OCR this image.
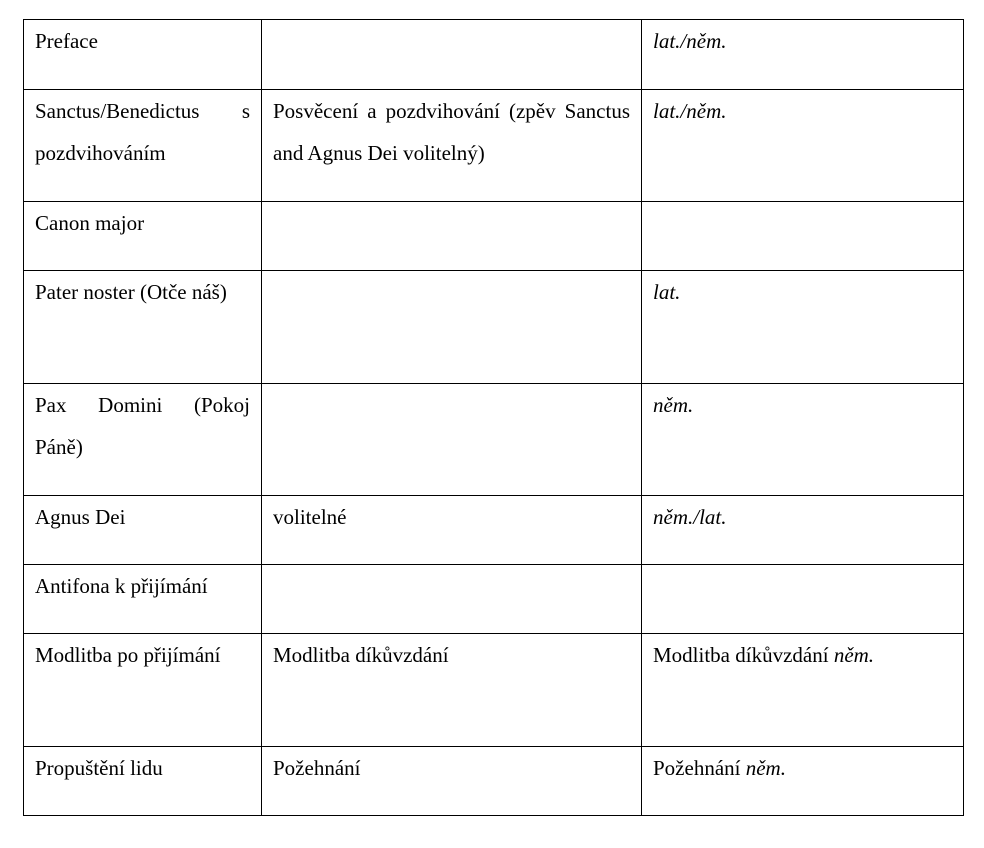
Preface		lat./něm.
Sanctus/Benedictus s pozdvihováním	Posvěcení a pozdvihování (zpěv Sanctus and Agnus Dei volitelný)	lat./něm.
Canon major		
Pater noster (Otče náš)		lat.
Pax Domini (Pokoj Páně)		něm.
Agnus Dei	volitelné	něm./lat.
Antifona k přijímání		
Modlitba po přijímání	Modlitba díkůvzdání	Modlitba díkůvzdání něm.
Propuštění lidu	Požehnání	Požehnání něm.
